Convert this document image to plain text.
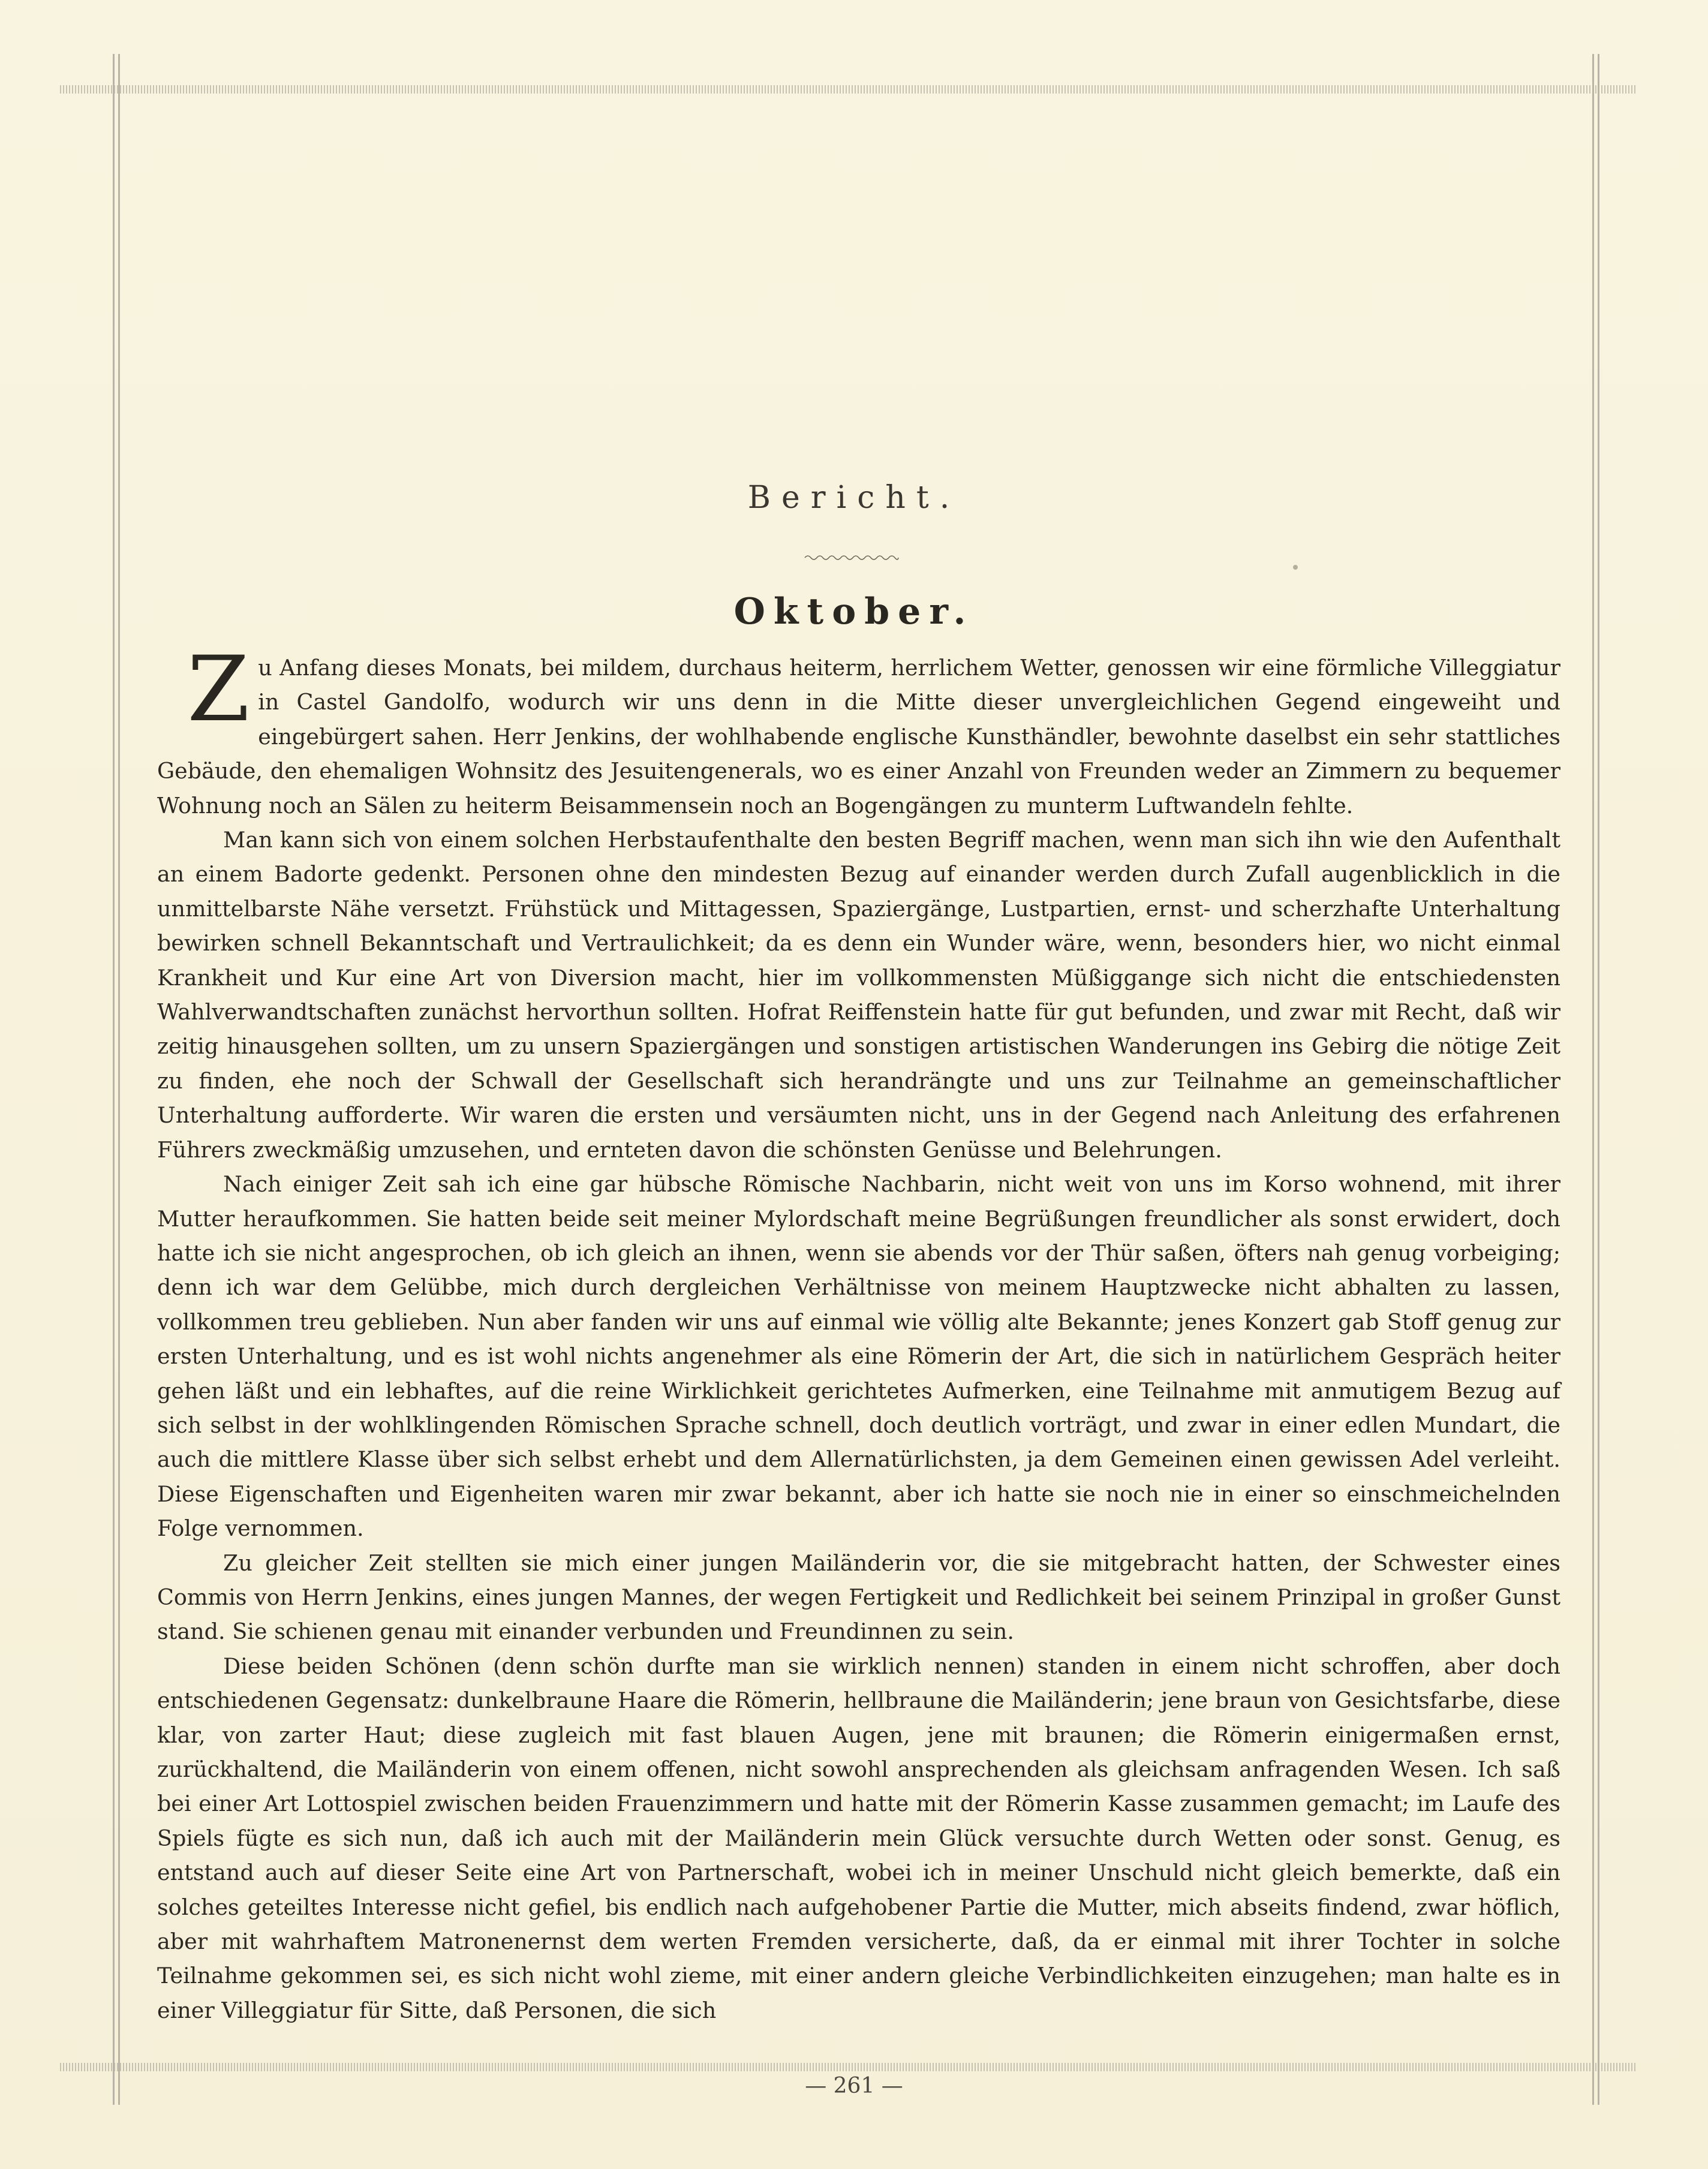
Bericht.
Oktober.

Zu Anfang dieses Monats, bei mildem, durchaus heiterm, herrlichem Wetter, genossen wir eine förmliche Villeggiatur in Castel Gandolfo, wodurch wir uns denn in die Mitte dieser unvergleichlichen Gegend eingeweiht und eingebürgert sahen. Herr Jenkins, der wohlhabende englische Kunsthändler, bewohnte daselbst ein sehr stattliches Gebäude, den ehemaligen Wohnsitz des Jesuitengenerals, wo es einer Anzahl von Freunden weder an Zimmern zu bequemer Wohnung noch an Sälen zu heiterm Beisammensein noch an Bogengängen zu munterm Luftwandeln fehlte.

Man kann sich von einem solchen Herbstaufenthalte den besten Begriff machen, wenn man sich ihn wie den Aufenthalt an einem Badorte gedenkt. Personen ohne den mindesten Bezug auf einander werden durch Zufall augenblicklich in die unmittelbarste Nähe versetzt. Frühstück und Mittagessen, Spaziergänge, Lustpartien, ernst- und scherzhafte Unterhaltung bewirken schnell Bekanntschaft und Vertraulichkeit; da es denn ein Wunder wäre, wenn, besonders hier, wo nicht einmal Krankheit und Kur eine Art von Diversion macht, hier im vollkommensten Müßiggange sich nicht die entschiedensten Wahlverwandtschaften zunächst hervorthun sollten. Hofrat Reiffenstein hatte für gut befunden, und zwar mit Recht, daß wir zeitig hinausgehen sollten, um zu unsern Spaziergängen und sonstigen artistischen Wanderungen ins Gebirg die nötige Zeit zu finden, ehe noch der Schwall der Gesellschaft sich herandrängte und uns zur Teilnahme an gemeinschaftlicher Unterhaltung aufforderte. Wir waren die ersten und versäumten nicht, uns in der Gegend nach Anleitung des erfahrenen Führers zweckmäßig umzusehen, und ernteten davon die schönsten Genüsse und Belehrungen.

Nach einiger Zeit sah ich eine gar hübsche Römische Nachbarin, nicht weit von uns im Korso wohnend, mit ihrer Mutter heraufkommen. Sie hatten beide seit meiner Mylordschaft meine Begrüßungen freundlicher als sonst erwidert, doch hatte ich sie nicht angesprochen, ob ich gleich an ihnen, wenn sie abends vor der Thür saßen, öfters nah genug vorbeiging; denn ich war dem Gelübbe, mich durch dergleichen Verhältnisse von meinem Hauptzwecke nicht abhalten zu lassen, vollkommen treu geblieben. Nun aber fanden wir uns auf einmal wie völlig alte Bekannte; jenes Konzert gab Stoff genug zur ersten Unterhaltung, und es ist wohl nichts angenehmer als eine Römerin der Art, die sich in natürlichem Gespräch heiter gehen läßt und ein lebhaftes, auf die reine Wirklichkeit gerichtetes Aufmerken, eine Teilnahme mit anmutigem Bezug auf sich selbst in der wohlklingenden Römischen Sprache schnell, doch deutlich vorträgt, und zwar in einer edlen Mundart, die auch die mittlere Klasse über sich selbst erhebt und dem Allernatürlichsten, ja dem Gemeinen einen gewissen Adel verleiht. Diese Eigenschaften und Eigenheiten waren mir zwar bekannt, aber ich hatte sie noch nie in einer so einschmeichelnden Folge vernommen.

Zu gleicher Zeit stellten sie mich einer jungen Mailänderin vor, die sie mitgebracht hatten, der Schwester eines Commis von Herrn Jenkins, eines jungen Mannes, der wegen Fertigkeit und Redlichkeit bei seinem Prinzipal in großer Gunst stand. Sie schienen genau mit einander verbunden und Freundinnen zu sein.

Diese beiden Schönen (denn schön durfte man sie wirklich nennen) standen in einem nicht schroffen, aber doch entschiedenen Gegensatz: dunkelbraune Haare die Römerin, hellbraune die Mailänderin; jene braun von Gesichtsfarbe, diese klar, von zarter Haut; diese zugleich mit fast blauen Augen, jene mit braunen; die Römerin einigermaßen ernst, zurückhaltend, die Mailänderin von einem offenen, nicht sowohl ansprechenden als gleichsam anfragenden Wesen. Ich saß bei einer Art Lottospiel zwischen beiden Frauenzimmern und hatte mit der Römerin Kasse zusammen gemacht; im Laufe des Spiels fügte es sich nun, daß ich auch mit der Mailänderin mein Glück versuchte durch Wetten oder sonst. Genug, es entstand auch auf dieser Seite eine Art von Partnerschaft, wobei ich in meiner Unschuld nicht gleich bemerkte, daß ein solches geteiltes Interesse nicht gefiel, bis endlich nach aufgehobener Partie die Mutter, mich abseits findend, zwar höflich, aber mit wahrhaftem Matronenernst dem werten Fremden versicherte, daß, da er einmal mit ihrer Tochter in solche Teilnahme gekommen sei, es sich nicht wohl zieme, mit einer andern gleiche Verbindlichkeiten einzugehen; man halte es in einer Villeggiatur für Sitte, daß Personen, die sich

— 261 —
